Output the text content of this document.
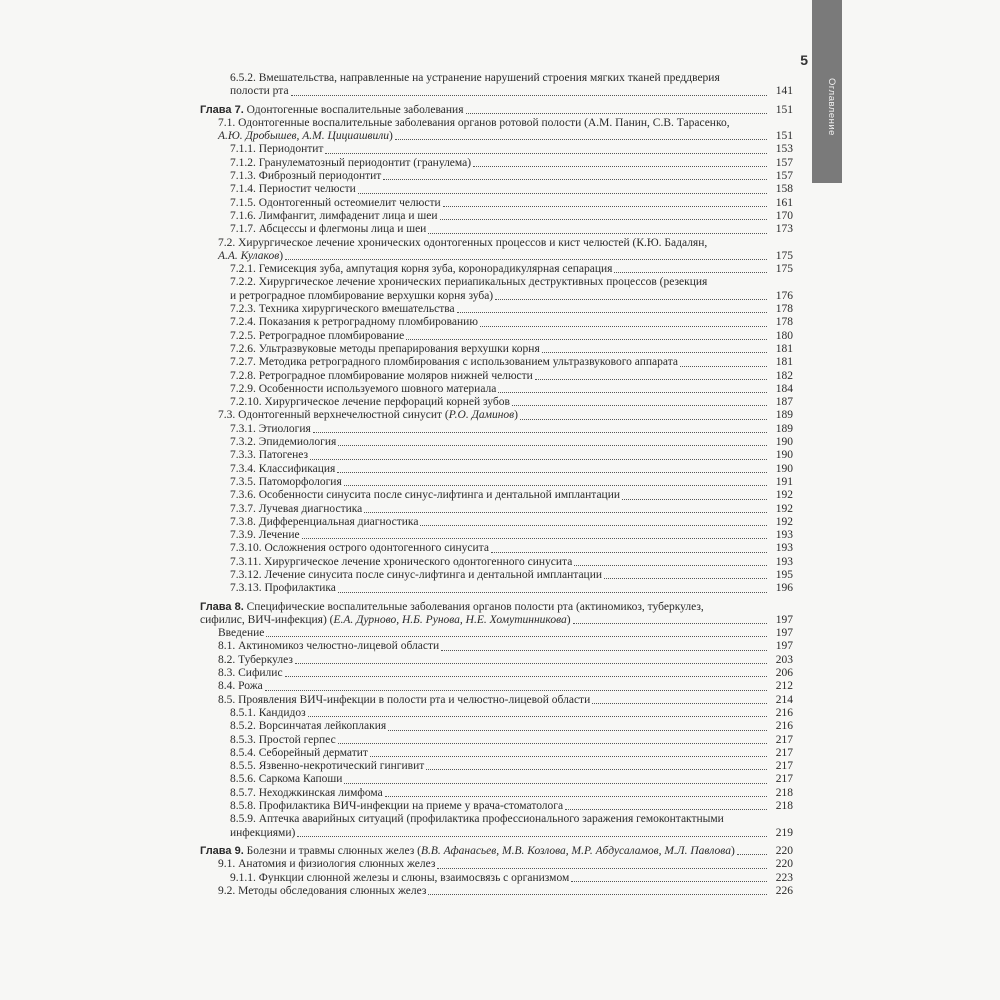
Оглавление
5
6.5.2. Вмешательства, направленные на устранение нарушений строения мягких тканей преддверия
полости рта	141
Глава 7. Одонтогенные воспалительные заболевания	151
7.1. Одонтогенные воспалительные заболевания органов ротовой полости (А.М. Панин, С.В. Тарасенко,
А.Ю. Дробышев, А.М. Цициашвили)	151
7.1.1. Периодонтит	153
7.1.2. Гранулематозный периодонтит (гранулема)	157
7.1.3. Фиброзный периодонтит	157
7.1.4. Периостит челюсти	158
7.1.5. Одонтогенный остеомиелит челюсти	161
7.1.6. Лимфангит, лимфаденит лица и шеи	170
7.1.7. Абсцессы и флегмоны лица и шеи	173
7.2. Хирургическое лечение хронических одонтогенных процессов и кист челюстей (К.Ю. Бадалян,
А.А. Кулаков)	175
7.2.1. Гемисекция зуба, ампутация корня зуба, коронорадикулярная сепарация	175
7.2.2. Хирургическое лечение хронических периапикальных деструктивных процессов (резекция
и ретроградное пломбирование верхушки корня зуба)	176
7.2.3. Техника хирургического вмешательства	178
7.2.4. Показания к ретроградному пломбированию	178
7.2.5. Ретроградное пломбирование	180
7.2.6. Ультразвуковые методы препарирования верхушки корня	181
7.2.7. Методика ретроградного пломбирования с использованием ультразвукового аппарата	181
7.2.8. Ретроградное пломбирование моляров нижней челюсти	182
7.2.9. Особенности используемого шовного материала	184
7.2.10. Хирургическое лечение перфораций корней зубов	187
7.3. Одонтогенный верхнечелюстной синусит (Р.О. Даминов)	189
7.3.1. Этиология	189
7.3.2. Эпидемиология	190
7.3.3. Патогенез	190
7.3.4. Классификация	190
7.3.5. Патоморфология	191
7.3.6. Особенности синусита после синус-лифтинга и дентальной имплантации	192
7.3.7. Лучевая диагностика	192
7.3.8. Дифференциальная диагностика	192
7.3.9. Лечение	193
7.3.10. Осложнения острого одонтогенного синусита	193
7.3.11. Хирургическое лечение хронического одонтогенного синусита	193
7.3.12. Лечение синусита после синус-лифтинга и дентальной имплантации	195
7.3.13. Профилактика	196
Глава 8. Специфические воспалительные заболевания органов полости рта (актиномикоз, туберкулез,
сифилис, ВИЧ-инфекция) (Е.А. Дурново, Н.Б. Рунова, Н.Е. Хомутинникова)	197
Введение	197
8.1. Актиномикоз челюстно-лицевой области	197
8.2. Туберкулез	203
8.3. Сифилис	206
8.4. Рожа	212
8.5. Проявления ВИЧ-инфекции в полости рта и челюстно-лицевой области	214
8.5.1. Кандидоз	216
8.5.2. Ворсинчатая лейкоплакия	216
8.5.3. Простой герпес	217
8.5.4. Себорейный дерматит	217
8.5.5. Язвенно-некротический гингивит	217
8.5.6. Саркома Капоши	217
8.5.7. Неходжкинская лимфома	218
8.5.8. Профилактика ВИЧ-инфекции на приеме у врача-стоматолога	218
8.5.9. Аптечка аварийных ситуаций (профилактика профессионального заражения гемоконтактными
инфекциями)	219
Глава 9. Болезни и травмы слюнных желез (В.В. Афанасьев, М.В. Козлова, М.Р. Абдусаламов, М.Л. Павлова)	220
9.1. Анатомия и физиология слюнных желез	220
9.1.1. Функции слюнной железы и слюны, взаимосвязь с организмом	223
9.2. Методы обследования слюнных желез	226
